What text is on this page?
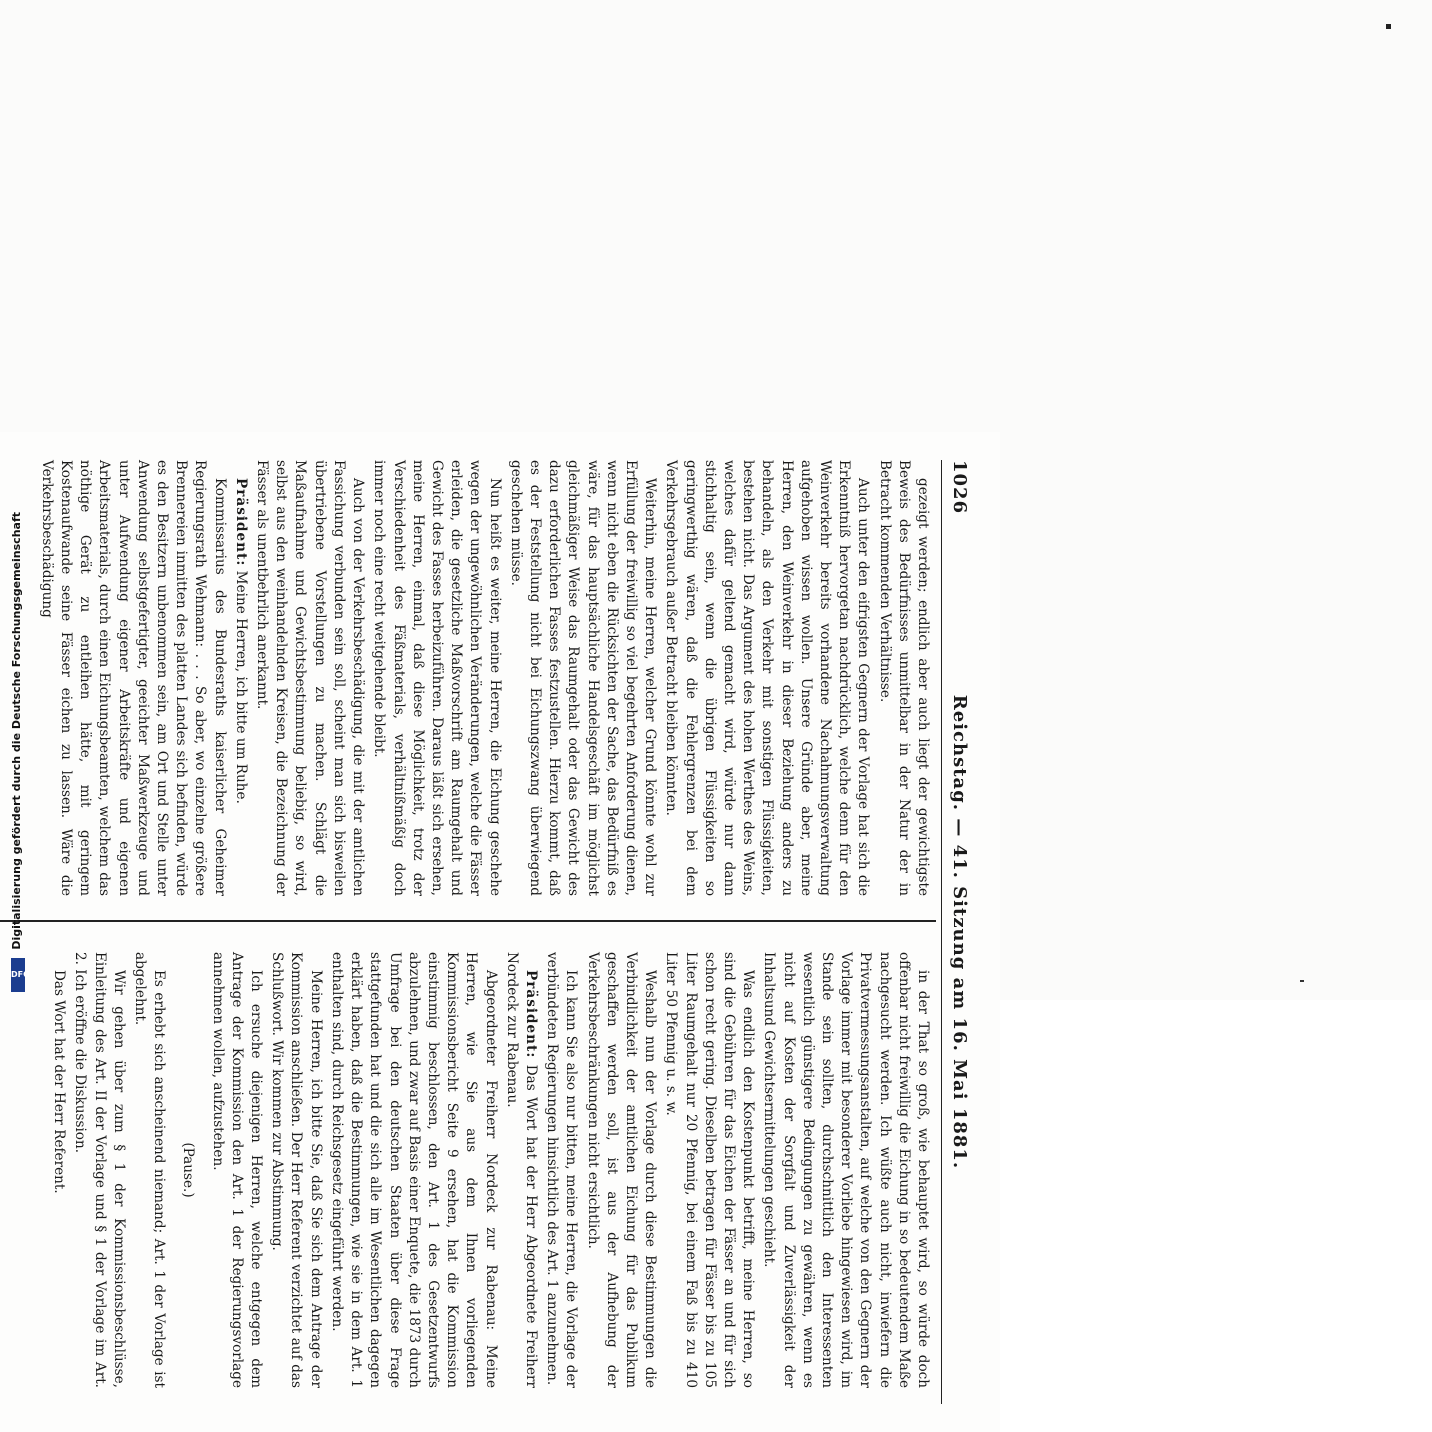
1026
Reichstag. — 41. Sitzung am 16. Mai 1881.

gezeigt werden; endlich aber auch liegt der gewichtigste Beweis des Bedürfnisses unmittelbar in der Natur der in Betracht kommenden Verhältnisse.

Auch unter den eifrigsten Gegnern der Vorlage hat sich die Erkenntniß hervorgetan nachdrücklich, welche denn für den Weinverkehr bereits vorhandene Nachahmungsverwaltung aufgehoben wissen wollen. Unsere Gründe aber, meine Herren, den Weinverkehr in dieser Beziehung anders zu behandeln, als den Verkehr mit sonstigen Flüssigkeiten, bestehen nicht. Das Argument des hohen Werthes des Weins, welches dafür geltend gemacht wird, würde nur dann stichhaltig sein, wenn die übrigen Flüssigkeiten so geringwerthig wären, daß die Fehlergrenzen bei dem Verkehrsgebrauch außer Betracht bleiben könnten.

Weiterhin, meine Herren, welcher Grund könnte wohl zur Erfüllung der freiwillig so viel begehrten Anforderung dienen, wenn nicht eben die Rücksichten der Sache, das Bedürfniß es wäre, für das hauptsächliche Handelsgeschäft im möglichst gleichmäßiger Weise das Raumgehalt oder das Gewicht des dazu erforderlichen Fasses festzustellen. Hierzu kommt, daß es der Feststellung nicht bei Eichungszwang überwiegend geschehen müsse.

Nun heißt es weiter, meine Herren, die Eichung geschehe wegen der ungewöhnlichen Veränderungen, welche die Fässer erleiden, die gesetzliche Maßvorschrift am Raumgehalt und Gewicht des Fasses herbeizuführen. Daraus läßt sich ersehen, meine Herren, einmal, daß diese Möglichkeit, trotz der Verschiedenheit des Fäßmaterials, verhältnißmäßig doch immer noch eine recht weitgehende bleibt.

Auch von der Verkehrsbeschädigung, die mit der amtlichen Fassichung verbunden sein soll, scheint man sich bisweilen übertriebene Vorstellungen zu machen. Schlägt die Maßaufnahme und Gewichtsbestimmung beliebig, so wird, selbst aus den weinhandelnden Kreisen, die Bezeichnung der Fässer als unentbehrlich anerkannt.

Präsident: Meine Herren, ich bitte um Ruhe.

Kommissarius des Bundesraths kaiserlicher Geheimer Regierungsrath Wehmann: . . . So aber, wo einzelne größere Brennereien inmitten des platten Landes sich befinden, würde es den Besitzern unbenommen sein, am Ort und Stelle unter Anwendung selbstgefertigter, geeichter Maßwerkzeuge und unter Aufwendung eigener Arbeitskräfte und eigenen Arbeitsmaterials, durch einen Eichungsbeamten, welchem das nöthige Gerät zu entleihen hätte, mit geringem Kostenaufwande seine Fässer eichen zu lassen. Wäre die Verkehrsbeschädigung

in der That so groß, wie behauptet wird, so würde doch offenbar nicht freiwillig die Eichung in so bedeutendem Maße nachgesucht werden. Ich wüßte auch nicht, inwiefern die Privatvermessungsanstalten, auf welche von den Gegnern der Vorlage immer mit besonderer Vorliebe hingewiesen wird, im Stande sein sollten, durchschnittlich den Interessenten wesentlich günstigere Bedingungen zu gewähren, wenn es nicht auf Kosten der Sorgfalt und Zuverlässigkeit der Inhaltsund Gewichtsermittelungen geschieht.

Was endlich den Kostenpunkt betrifft, meine Herren, so sind die Gebühren für das Eichen der Fässer an und für sich schon recht gering. Dieselben betragen für Fässer bis zu 105 Liter Raumgehalt nur 20 Pfennig, bei einem Faß bis zu 410 Liter 50 Pfennig u. s. w.

Weshalb nun der Vorlage durch diese Bestimmungen die Verbindlichkeit der amtlichen Eichung für das Publikum geschaffen werden soll, ist aus der Aufhebung der Verkehrsbeschränkungen nicht ersichtlich.

Ich kann Sie also nur bitten, meine Herren, die Vorlage der verbündeten Regierungen hinsichtlich des Art. 1 anzunehmen.

Präsident: Das Wort hat der Herr Abgeordnete Freiherr Nordeck zur Rabenau.

Abgeordneter Freiherr Nordeck zur Rabenau: Meine Herren, wie Sie aus dem Ihnen vorliegenden Kommissionsbericht Seite 9 ersehen, hat die Kommission einstimmig beschlossen, den Art. 1 des Gesetzentwurfs abzulehnen, und zwar auf Basis einer Enquete, die 1873 durch Umfrage bei den deutschen Staaten über diese Frage stattgefunden hat und die sich alle im Wesentlichen dagegen erklärt haben, daß die Bestimmungen, wie sie in dem Art. 1 enthalten sind, durch Reichsgesetz eingeführt werden.

Meine Herren, ich bitte Sie, daß Sie sich dem Antrage der Kommission anschließen. Der Herr Referent verzichtet auf das Schlußwort. Wir kommen zur Abstimmung.

Ich ersuche diejenigen Herren, welche entgegen dem Antrage der Kommission den Art. 1 der Regierungsvorlage annehmen wollen, aufzustehen.

(Pause.)

Es erhebt sich anscheinend niemand; Art. 1 der Vorlage ist abgelehnt.

Wir gehen über zum § 1 der Kommissionsbeschlüsse, Einleitung des Art. II der Vorlage und § 1 der Vorlage im Art. 2. Ich eröffne die Diskussion.

Das Wort hat der Herr Referent.

DFG
Digitalisierung gefördert durch die Deutsche Forschungsgemeinschaft
